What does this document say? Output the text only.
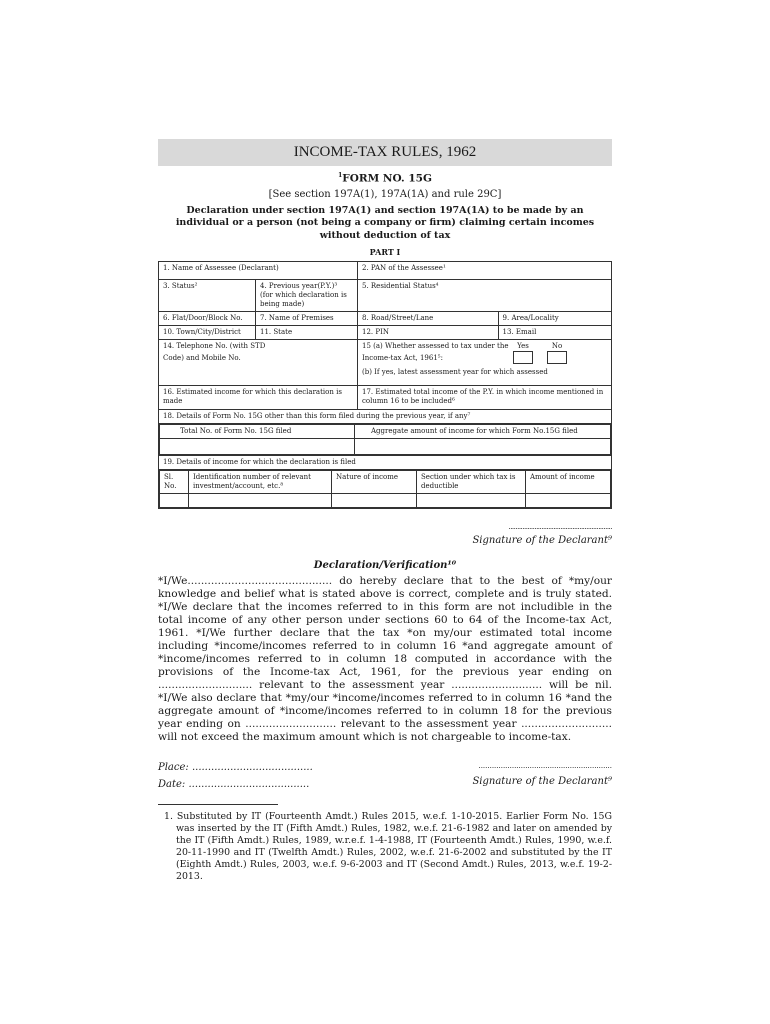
INCOME-TAX RULES, 1962
$^1$FORM NO. 15G
[See section 197A(1), 197A(1A) and rule 29C]
Declaration under section 197A(1) and section 197A(1A) to be made by an individual or a person (not being a company or firm) claiming certain incomes without deduction of tax
PART I
1. Name of Assessee (Declarant)	2. PAN of the Assessee¹
3. Status²	4. Previous year(P.Y.)³
(for which declaration is being made)
	5. Residential Status⁴
6. Flat/Door/Block No.	7. Name of Premises	8. Road/Street/Lane	9. Area/Locality
10. Town/City/District	11. State	12. PIN	13. Email

14. Telephone No. (with STD
Code) and Mobile No.

15 (a) Whether assessed to tax under the
Income-tax Act, 1961⁵:
Yes	No
(b) If yes, latest assessment year for which assessed

16. Estimated income for which this declaration is made	17. Estimated total income of the P.Y. in which income mentioned in column 16 to be included⁶
18. Details of Form No. 15G other than this form filed during the previous year, if any⁷

Total No. of Form No. 15G filed	Aggregate amount of income for which Form No.15G filed

19. Details of income for which the declaration is filed

Sl. No.	Identification number of relevant investment/account, etc.⁸	Nature of income	Section under which tax is deductible	Amount of income

............................................................
Signature of the Declarant⁹
Declaration/Verification¹⁰
*I/We........................................... do hereby declare that to the best of *my/our knowledge and belief what is stated above is correct, complete and is truly stated. *I/We declare that the incomes referred to in this form are not includible in the total income of any other person under sections 60 to 64 of the Income-tax Act, 1961. *I/We further declare that the tax *on my/our estimated total income including *income/incomes referred to in column 16 *and aggregate amount of *income/incomes referred to in column 18 computed in accordance with the provisions of the Income-tax Act, 1961, for the previous year ending on ............................ relevant to the assessment year ........................... will be nil. *I/We also declare that *my/our *income/incomes referred to in column 16 *and the aggregate amount of *income/incomes referred to in column 18 for the previous year ending on ........................... relevant to the assessment year ........................... will not exceed the maximum amount which is not chargeable to income-tax.
Place: ......................................
Date: ......................................
............................................................
Signature of the Declarant⁹
1. Substituted by IT (Fourteenth Amdt.) Rules 2015, w.e.f. 1-10-2015. Earlier Form No. 15G was inserted by the IT (Fifth Amdt.) Rules, 1982, w.e.f. 21-6-1982 and later on amended by the IT (Fifth Amdt.) Rules, 1989, w.r.e.f. 1-4-1988, IT (Fourteenth Amdt.) Rules, 1990, w.e.f. 20-11-1990 and IT (Twelfth Amdt.) Rules, 2002, w.e.f. 21-6-2002 and substituted by the IT (Eighth Amdt.) Rules, 2003, w.e.f. 9-6-2003 and IT (Second Amdt.) Rules, 2013, w.e.f. 19-2-2013.
